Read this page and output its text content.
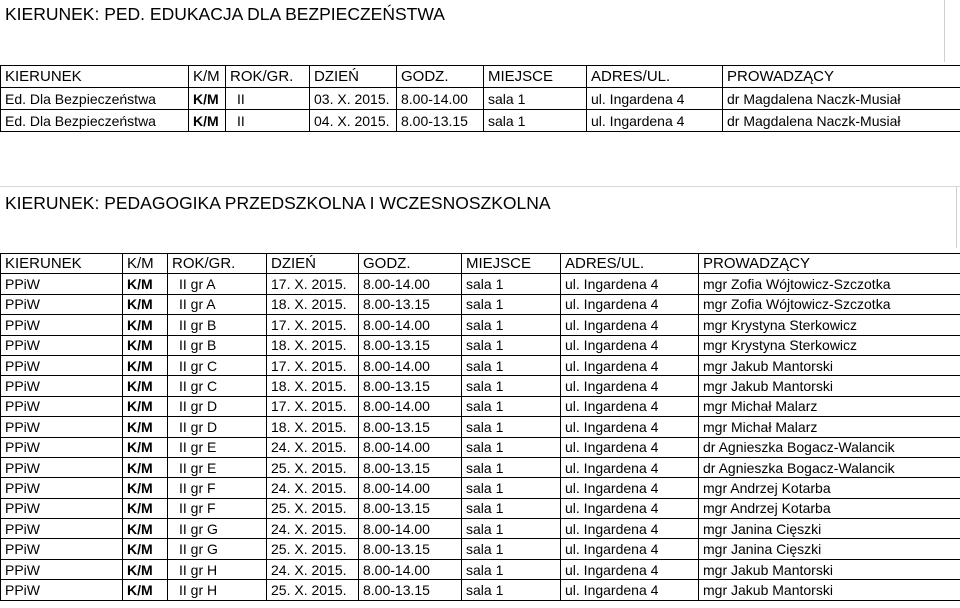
KIERUNEK: PED. EDUKACJA DLA BEZPIECZEŃSTWA
KIERUNEK	K/M	ROK/GR.	DZIEŃ	GODZ.	MIEJSCE	ADRES/UL.	PROWADZĄCY
Ed. Dla Bezpieczeństwa	K/M	II	03. X. 2015.	8.00-14.00	sala 1	ul. Ingardena 4	dr Magdalena Naczk-Musiał
Ed. Dla Bezpieczeństwa	K/M	II	04. X. 2015.	8.00-13.15	sala 1	ul. Ingardena 4	dr Magdalena Naczk-Musiał
KIERUNEK: PEDAGOGIKA PRZEDSZKOLNA I WCZESNOSZKOLNA
KIERUNEK	K/M	ROK/GR.	DZIEŃ	GODZ.	MIEJSCE	ADRES/UL.	PROWADZĄCY
PPiW	K/M	II gr A	17. X. 2015.	8.00-14.00	sala 1	ul. Ingardena 4	mgr Zofia Wójtowicz-Szczotka
PPiW	K/M	II gr A	18. X. 2015.	8.00-13.15	sala 1	ul. Ingardena 4	mgr Zofia Wójtowicz-Szczotka
PPiW	K/M	II gr B	17. X. 2015.	8.00-14.00	sala 1	ul. Ingardena 4	mgr Krystyna Sterkowicz
PPiW	K/M	II gr B	18. X. 2015.	8.00-13.15	sala 1	ul. Ingardena 4	mgr Krystyna Sterkowicz
PPiW	K/M	II gr C	17. X. 2015.	8.00-14.00	sala 1	ul. Ingardena 4	mgr Jakub Mantorski
PPiW	K/M	II gr C	18. X. 2015.	8.00-13.15	sala 1	ul. Ingardena 4	mgr Jakub Mantorski
PPiW	K/M	II gr D	17. X. 2015.	8.00-14.00	sala 1	ul. Ingardena 4	mgr Michał Malarz
PPiW	K/M	II gr D	18. X. 2015.	8.00-13.15	sala 1	ul. Ingardena 4	mgr Michał Malarz
PPiW	K/M	II gr E	24. X. 2015.	8.00-14.00	sala 1	ul. Ingardena 4	dr Agnieszka Bogacz-Walancik
PPiW	K/M	II gr E	25. X. 2015.	8.00-13.15	sala 1	ul. Ingardena 4	dr Agnieszka Bogacz-Walancik
PPiW	K/M	II gr F	24. X. 2015.	8.00-14.00	sala 1	ul. Ingardena 4	mgr Andrzej Kotarba
PPiW	K/M	II gr F	25. X. 2015.	8.00-13.15	sala 1	ul. Ingardena 4	mgr Andrzej Kotarba
PPiW	K/M	II gr G	24. X. 2015.	8.00-14.00	sala 1	ul. Ingardena 4	mgr Janina Cięszki
PPiW	K/M	II gr G	25. X. 2015.	8.00-13.15	sala 1	ul. Ingardena 4	mgr Janina Cięszki
PPiW	K/M	II gr H	24. X. 2015.	8.00-14.00	sala 1	ul. Ingardena 4	mgr Jakub Mantorski
PPiW	K/M	II gr H	25. X. 2015.	8.00-13.15	sala 1	ul. Ingardena 4	mgr Jakub Mantorski
